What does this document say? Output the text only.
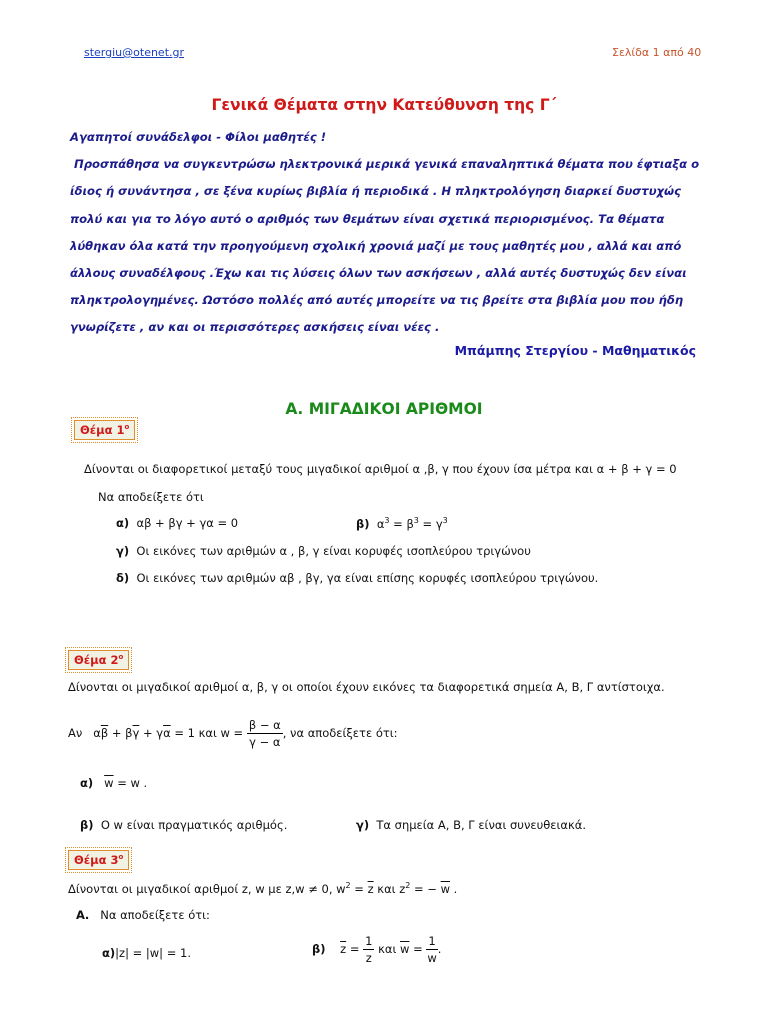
stergiu@otenet.gr	Σελίδα 1 από 40
Γενικά Θέματα στην Κατεύθυνση της Γ΄

Αγαπητοί συνάδελφοι - Φίλοι μαθητές !

Προσπάθησα να συγκεντρώσω ηλεκτρονικά μερικά γενικά επαναληπτικά θέματα που έφτιαξα ο ίδιος ή συνάντησα , σε ξένα κυρίως βιβλία ή περιοδικά . Η πληκτρολόγηση διαρκεί δυστυχώς πολύ και για το λόγο αυτό ο αριθμός των θεμάτων είναι σχετικά περιορισμένος. Τα θέματα λύθηκαν όλα κατά την προηγούμενη σχολική χρονιά μαζί με τους μαθητές μου , αλλά και από άλλους συναδέλφους .Έχω και τις λύσεις όλων των ασκήσεων , αλλά αυτές δυστυχώς δεν είναι πληκτρολογημένες. Ωστόσο πολλές από αυτές μπορείτε να τις βρείτε στα βιβλία μου που ήδη γνωρίζετε , αν και οι περισσότερες ασκήσεις είναι νέες .

Μπάμπης Στεργίου - Μαθηματικός
Α. ΜΙΓΑΔΙΚΟΙ ΑΡΙΘΜΟΙ
Θέμα $1^o$
Δίνονται οι διαφορετικοί μεταξύ τους μιγαδικοί αριθμοί α ,β, γ που έχουν ίσα μέτρα και α + β + γ = 0
Να αποδείξετε ότι
α) αβ + βγ + γα = 0	β) $\alpha^3 = \beta^3 = \gamma^3$
γ) Οι εικόνες των αριθμών α , β, γ είναι κορυφές ισοπλεύρου τριγώνου
δ) Οι εικόνες των αριθμών αβ , βγ, γα είναι επίσης κορυφές ισοπλεύρου τριγώνου.
Θέμα $2^o$
Δίνονται οι μιγαδικοί αριθμοί α, β, γ οι οποίοι έχουν εικόνες τα διαφορετικά σημεία Α, Β, Γ αντίστοιχα.
Αν $\alpha\overline{\beta} + \beta\overline{\gamma} + \gamma\overline{\alpha} = 1$ και $w = \frac{\beta - \alpha}{\gamma - \alpha}$ , να αποδείξετε ότι:
α) $\overline{w} = w$ .
β) Ο w είναι πραγματικός αριθμός.	γ) Τα σημεία Α, Β, Γ είναι συνευθειακά.
Θέμα $3^o$
Δίνονται οι μιγαδικοί αριθμοί z, w με z,w ≠ 0, $w^2 = \overline{z}$ και $z^2$ = − $\overline{w}$ .
Α. Να αποδείξετε ότι:
α)|z| = |w| = 1.	β) $\overline{z} = \frac{1}{z}$ και $\overline{w} = \frac{1}{w}$ .
